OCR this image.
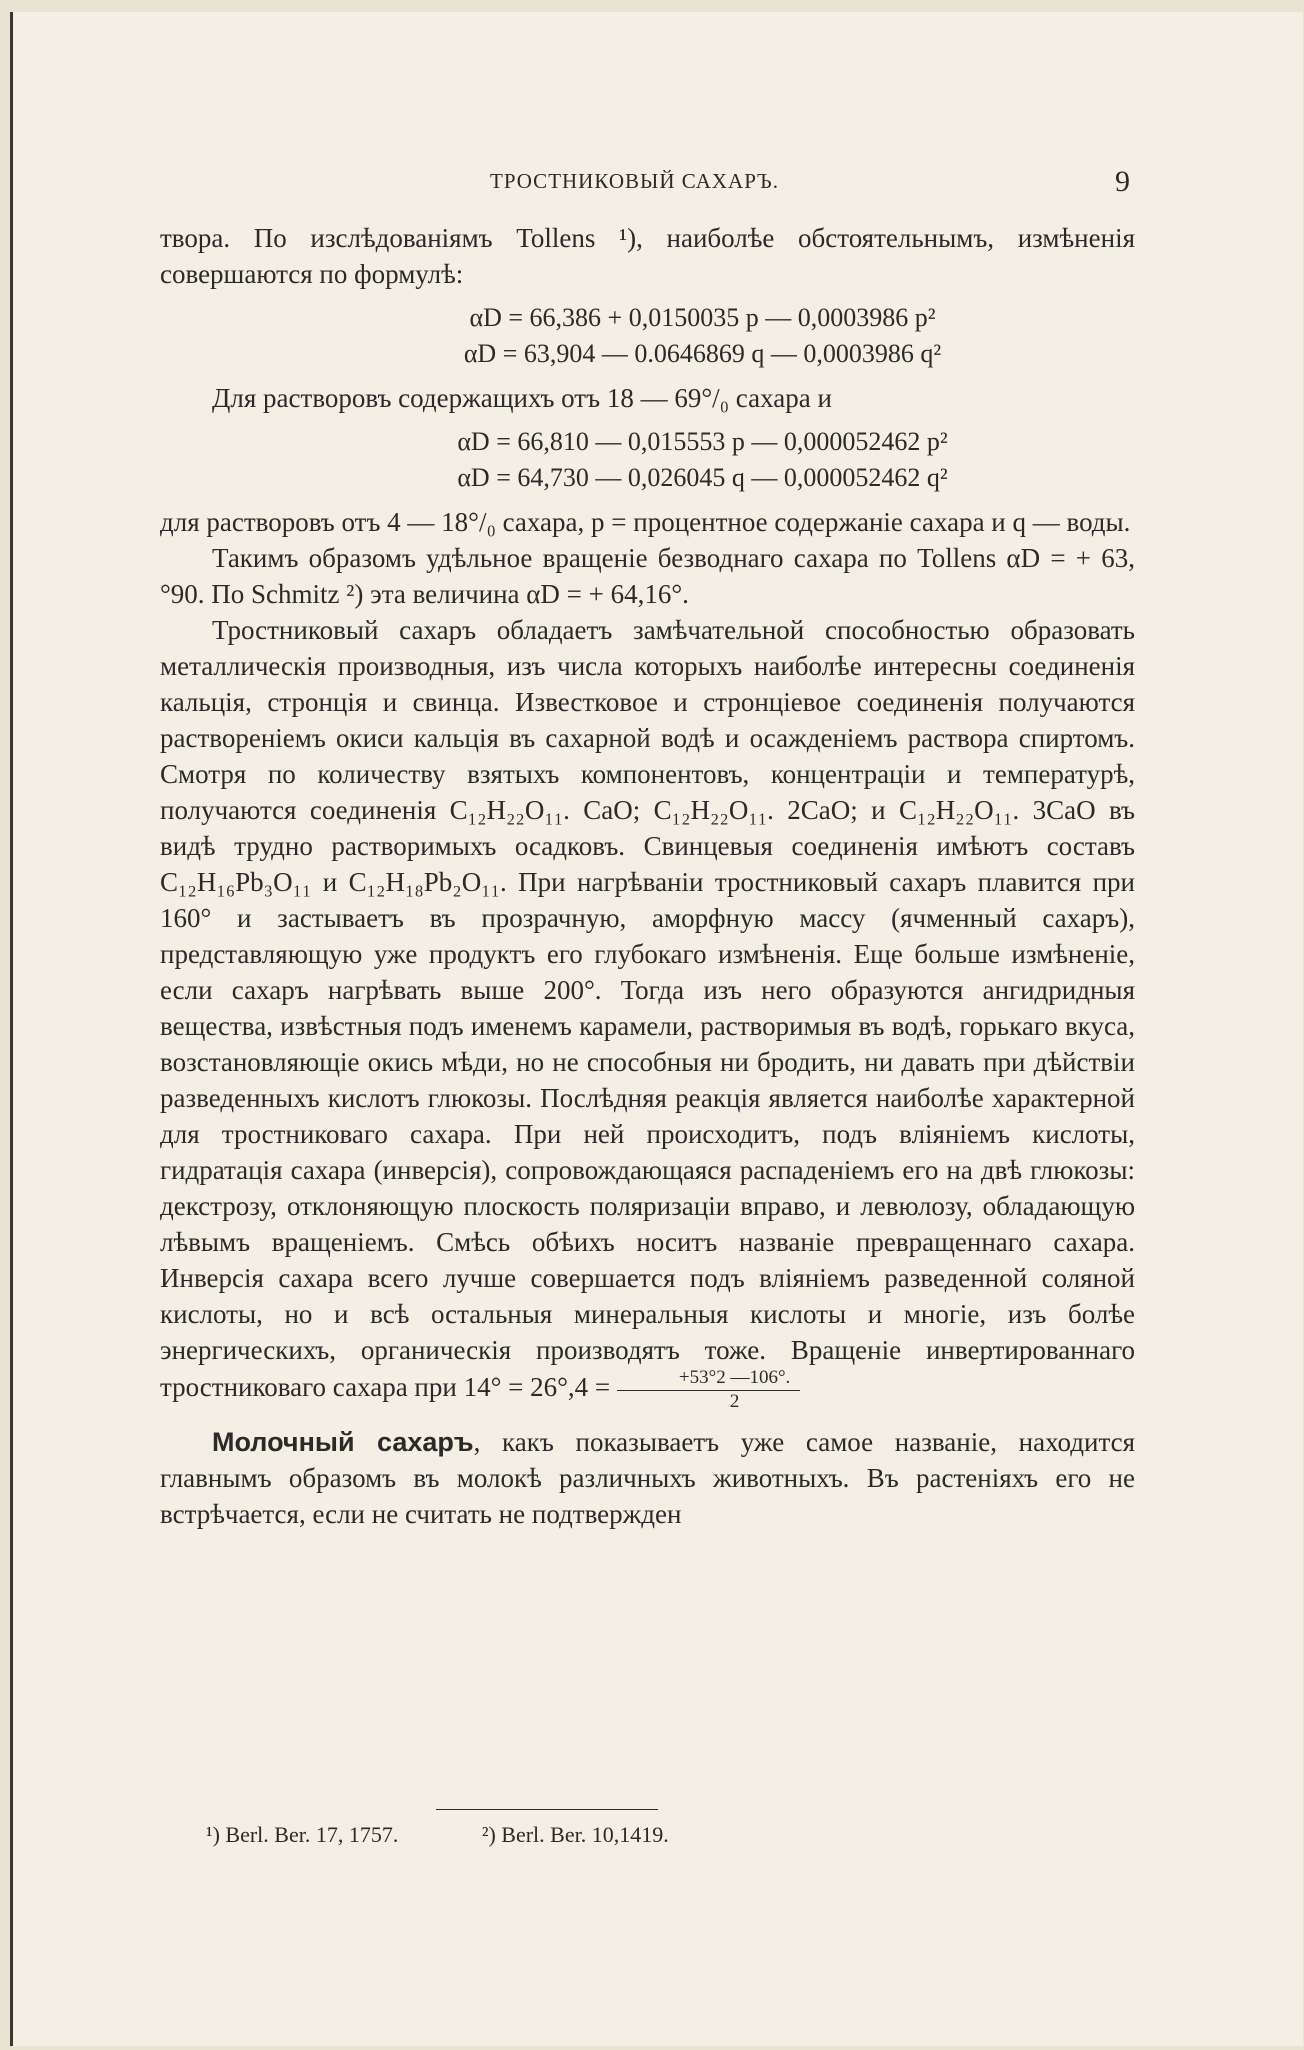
ТРОСТНИКОВЫЙ САХАРЪ.	9

твора. По изслѣдованіямъ Tollens ¹), наиболѣе обстоятельнымъ, измѣненія совершаются по формулѣ:

αD = 66,386 + 0,0150035 p — 0,0003986 p²
αD = 63,904 — 0.0646869 q — 0,0003986 q²

Для растворовъ содержащихъ отъ 18 — 69°/₀ сахара и

αD = 66,810 — 0,015553 p — 0,000052462 p²
αD = 64,730 — 0,026045 q — 0,000052462 q²

для растворовъ отъ 4 — 18°/₀ сахара, p = процентное содержаніе сахара и q — воды.

Такимъ образомъ удѣльное вращеніе безводнаго сахара по Tollens αD = + 63,°90. По Schmitz ²) эта величина αD = + 64,16°.

Тростниковый сахаръ обладаетъ замѣчательной способностью образовать металлическія производныя, изъ числа которыхъ наиболѣе интересны соединенія кальція, стронція и свинца. Известковое и стронціевое соединенія получаются раствореніемъ окиси кальція въ сахарной водѣ и осажденіемъ раствора спиртомъ. Смотря по количеству взятыхъ компонентовъ, концентраціи и температурѣ, получаются соединенія C₁₂H₂₂O₁₁. CaO; C₁₂H₂₂O₁₁. 2CaO; и C₁₂H₂₂O₁₁. 3CaO въ видѣ трудно растворимыхъ осадковъ. Свинцевыя соединенія имѣютъ составъ C₁₂H₁₆Pb₃O₁₁ и C₁₂H₁₈Pb₂O₁₁. При нагрѣваніи тростниковый сахаръ плавится при 160° и застываетъ въ прозрачную, аморфную массу (ячменный сахаръ), представляющую уже продуктъ его глубокаго измѣненія. Еще больше измѣненіе, если сахаръ нагрѣвать выше 200°. Тогда изъ него образуются ангидридныя вещества, извѣстныя подъ именемъ карамели, растворимыя въ водѣ, горькаго вкуса, возстановляющіе окись мѣди, но не способныя ни бродить, ни давать при дѣйствіи разведенныхъ кислотъ глюкозы. Послѣдняя реакція является наиболѣе характерной для тростниковаго сахара. При ней происходитъ, подъ вліяніемъ кислоты, гидратація сахара (инверсія), сопровождающаяся распаденіемъ его на двѣ глюкозы: декстрозу, отклоняющую плоскость поляризаціи вправо, и левюлозу, обладающую лѣвымъ вращеніемъ. Смѣсь обѣихъ носитъ названіе превращеннаго сахара. Инверсія сахара всего лучше совершается подъ вліяніемъ разведенной соляной кислоты, но и всѣ остальныя минеральныя кислоты и многіе, изъ болѣе энергическихъ, органическія производятъ тоже. Вращеніе инвертированнаго тростниковаго сахара при $14^\circ = 26^\circ,4 = \frac{+53^\circ 2 —106^\circ.}{2}$

Молочный сахаръ, какъ показываетъ уже самое названіе, находится главнымъ образомъ въ молокѣ различныхъ животныхъ. Въ растеніяхъ его не встрѣчается, если не считать не подтвержден

¹) Berl. Ber. 17, 1757.	²) Berl. Ber. 10,1419.
